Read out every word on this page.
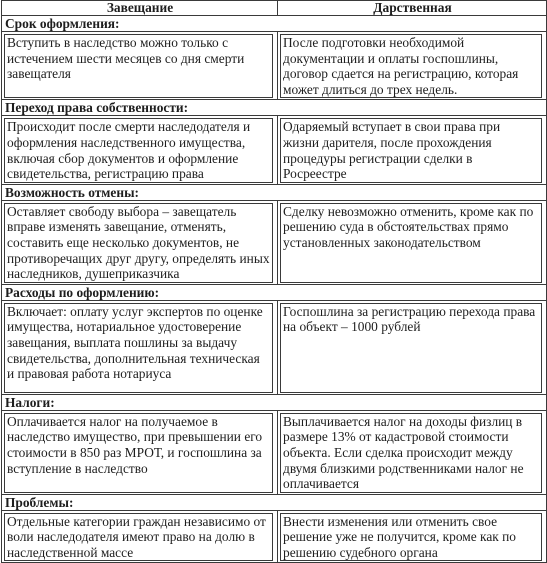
Завещание	Дарственная
Срок оформления:	

Вступить в наследство можно только с истечением шести месяцев со дня смерти завещателя	После подготовки необходимой документации и оплаты госпошлины, договор сдается на регистрацию, которая может длиться до трех недель.

Переход права собственности:	

Происходит после смерти наследодателя и оформления наследственного имущества, включая сбор документов и оформление свидетельства, регистрацию права	Одаряемый вступает в свои права при жизни дарителя, после прохождения процедуры регистрации сделки в Росреестре

Возможность отмены:	

Оставляет свободу выбора – завещатель вправе изменять завещание, отменять, составить еще несколько документов, не противоречащих друг другу, определять иных наследников, душеприказчика	Сделку невозможно отменить, кроме как по решению суда в обстоятельствах прямо установленных законодательством

Расходы по оформлению:	

Включает: оплату услуг экспертов по оценке имущества, нотариальное удостоверение завещания, выплата пошлины за выдачу свидетельства, дополнительная техническая и правовая работа нотариуса	Госпошлина за регистрацию перехода права на объект – 1000 рублей

Налоги:	

Оплачивается налог на получаемое в наследство имущество, при превышении его стоимости в 850 раз МРОТ, и госпошлина за вступление в наследство	Выплачивается налог на доходы физлиц в размере 13% от кадастровой стоимости объекта. Если сделка происходит между двумя близкими родственниками налог не оплачивается

Проблемы:	

Отдельные категории граждан независимо от воли наследодателя имеют право на долю в наследственной массе	Внести изменения или отменить свое решение уже не получится, кроме как по решению судебного органа
